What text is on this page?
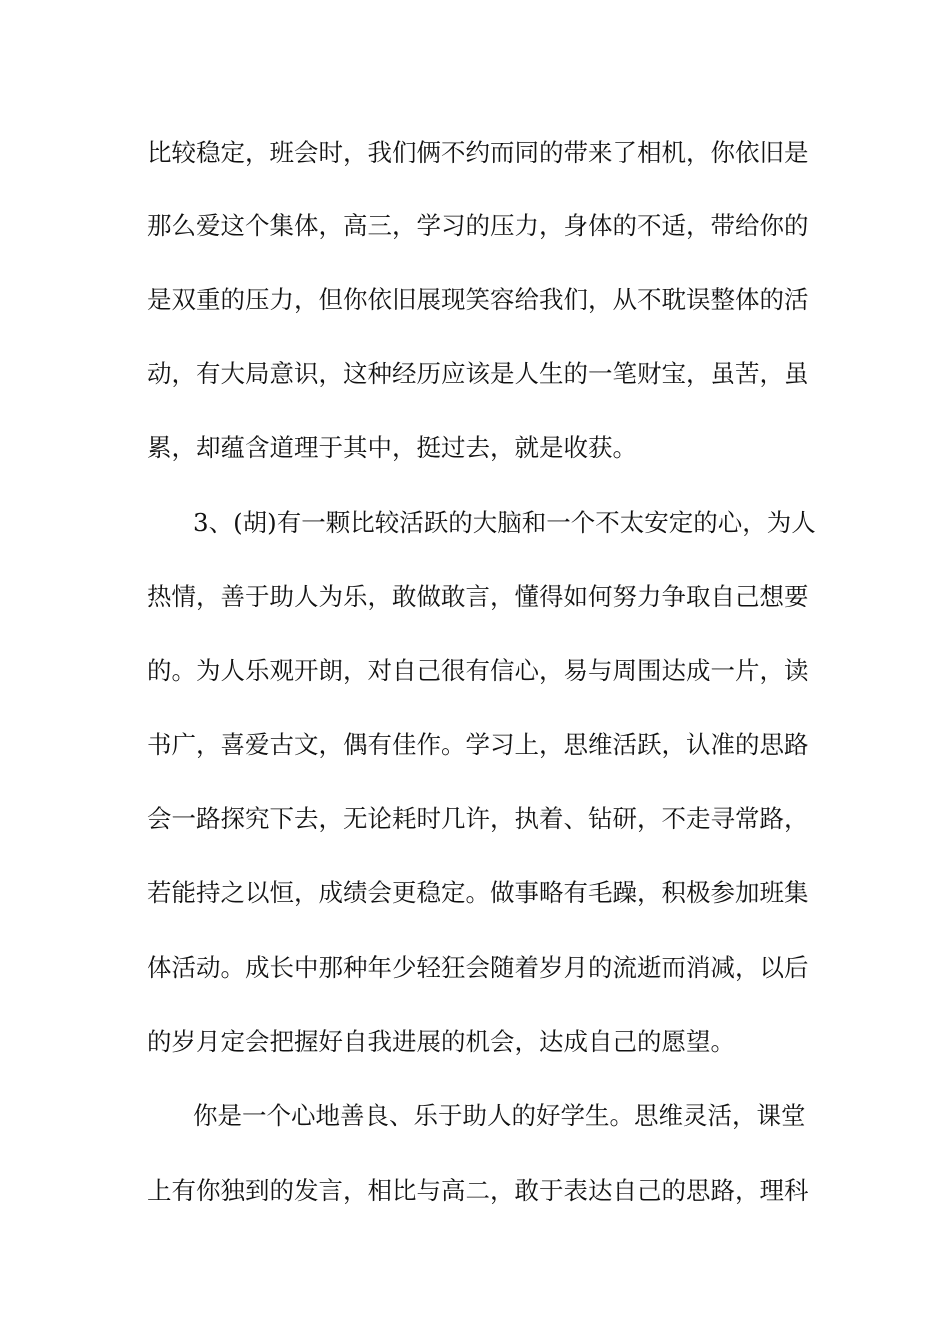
比较稳定，班会时，我们俩不约而同的带来了相机，你依旧是
那么爱这个集体，高三，学习的压力，身体的不适，带给你的
是双重的压力，但你依旧展现笑容给我们，从不耽误整体的活
动，有大局意识，这种经历应该是人生的一笔财宝，虽苦，虽
累，却蕴含道理于其中，挺过去，就是收获。
3、(胡)有一颗比较活跃的大脑和一个不太安定的心，为人
热情，善于助人为乐，敢做敢言，懂得如何努力争取自己想要
的。为人乐观开朗，对自己很有信心，易与周围达成一片，读
书广，喜爱古文，偶有佳作。学习上，思维活跃，认准的思路
会一路探究下去，无论耗时几许，执着、钻研，不走寻常路，
若能持之以恒，成绩会更稳定。做事略有毛躁，积极参加班集
体活动。成长中那种年少轻狂会随着岁月的流逝而消减，以后
的岁月定会把握好自我进展的机会，达成自己的愿望。
你是一个心地善良、乐于助人的好学生。思维灵活，课堂
上有你独到的发言，相比与高二，敢于表达自己的思路，理科
